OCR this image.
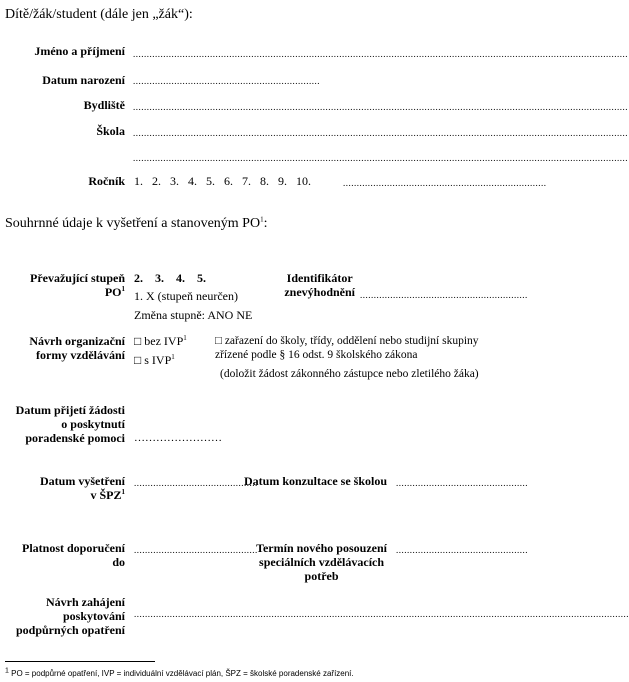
Dítě/žák/student (dále jen „žák“):
Jméno a příjmení ....................................................................................................................................................................................
Datum narození ....................................................................
Bydliště ....................................................................................................................................................................................
Škola ....................................................................................................................................................................................
....................................................................................................................................................................................
Ročník 1. 2. 3. 4. 5. 6. 7. 8. 9. 10.	..........................................................................
Souhrnné údaje k vyšetření a stanoveným $PO^1$:
Převažující stupeň
$PO^1$
2. 3. 4. 5.
1. X (stupeň neurčen)
Změna stupně: ANO NE
Identifikátor
znevýhodnění .............................................................
Návrh organizační
formy vzdělávání
□ bez IVP$^1$
□ s IVP$^1$
□ zařazení do školy, třídy, oddělení nebo studijní skupiny
zřízené podle § 16 odst. 9 školského zákona
(doložit žádost zákonného zástupce nebo zletilého žáka)
Datum přijetí žádosti
o poskytnutí
poradenské pomoci ……………………
Datum vyšetření
v ŠPZ$^1$
.............................................
Datum konzultace se školou ................................................
Platnost doporučení
do
.............................................
Termín nového posouzení
speciálních vzdělávacích
potřeb
................................................
Návrh zahájení
poskytování
podpůrných opatření
....................................................................................................................................................................................
$^1$ PO = podpůrné opatření, IVP = individuální vzdělávací plán, ŠPZ = školské poradenské zařízení.
